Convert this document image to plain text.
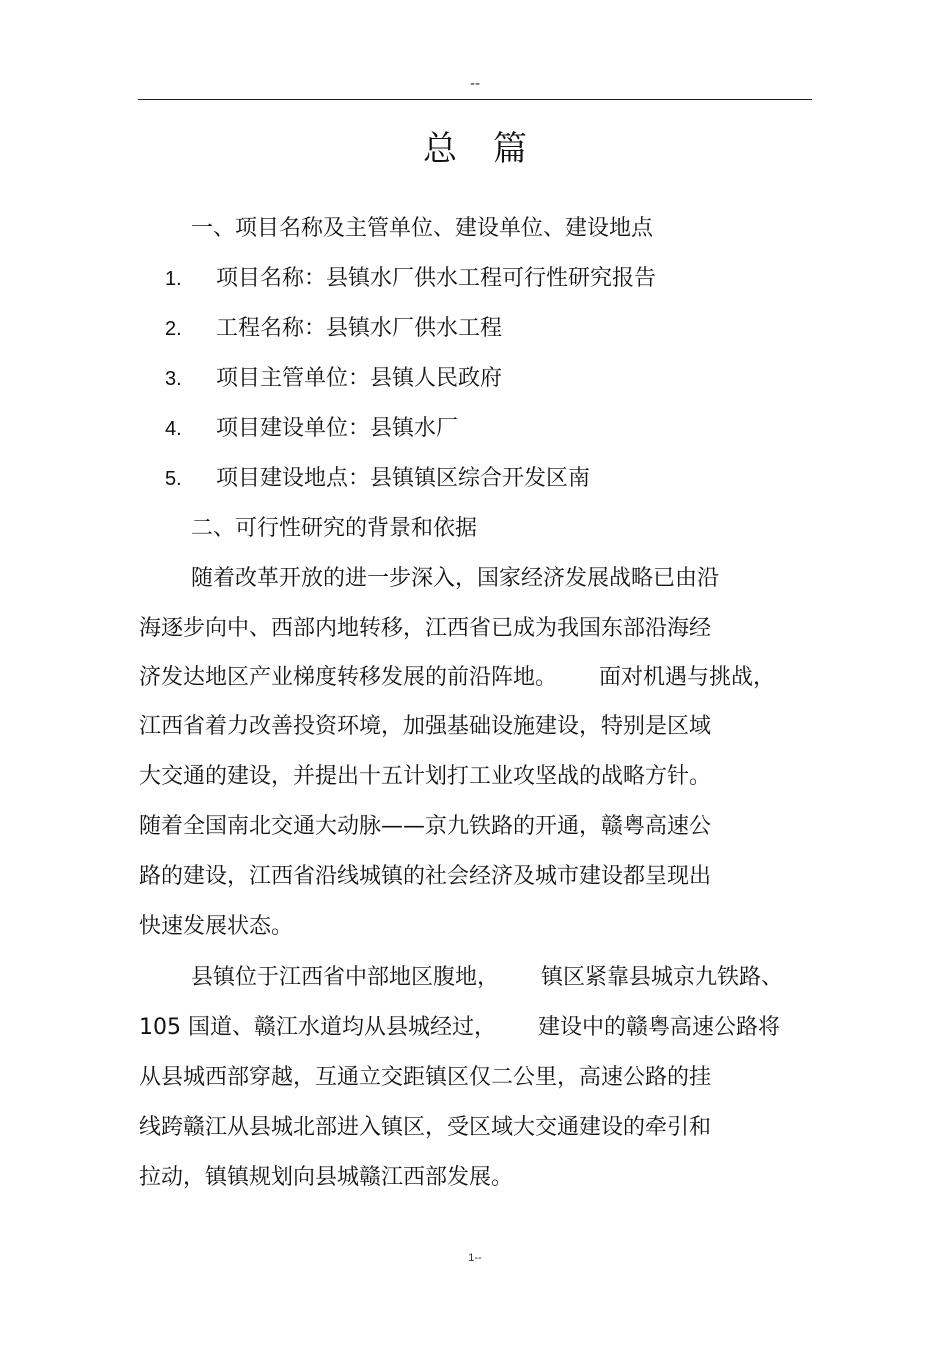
--
总篇
一、项目名称及主管单位、建设单位、建设地点
1.	项目名称：县镇水厂供水工程可行性研究报告
2.	工程名称：县镇水厂供水工程
3.	项目主管单位：县镇人民政府
4.	项目建设单位：县镇水厂
5.	项目建设地点：县镇镇区综合开发区南
二、可行性研究的背景和依据
随着改革开放的进一步深入，国家经济发展战略已由沿
海逐步向中、西部内地转移，江西省已成为我国东部沿海经
济发达地区产业梯度转移发展的前沿阵地。      面对机遇与挑战，
江西省着力改善投资环境，加强基础设施建设，特别是区域
大交通的建设，并提出十五计划打工业攻坚战的战略方针。
随着全国南北交通大动脉——京九铁路的开通，赣粤高速公
路的建设，江西省沿线城镇的社会经济及城市建设都呈现出
快速发展状态。
县镇位于江西省中部地区腹地，      镇区紧靠县城京九铁路、
105 国道、赣江水道均从县城经过，      建设中的赣粤高速公路将
从县城西部穿越，互通立交距镇区仅二公里，高速公路的挂
线跨赣江从县城北部进入镇区，受区域大交通建设的牵引和
拉动，镇镇规划向县城赣江西部发展。
1--
